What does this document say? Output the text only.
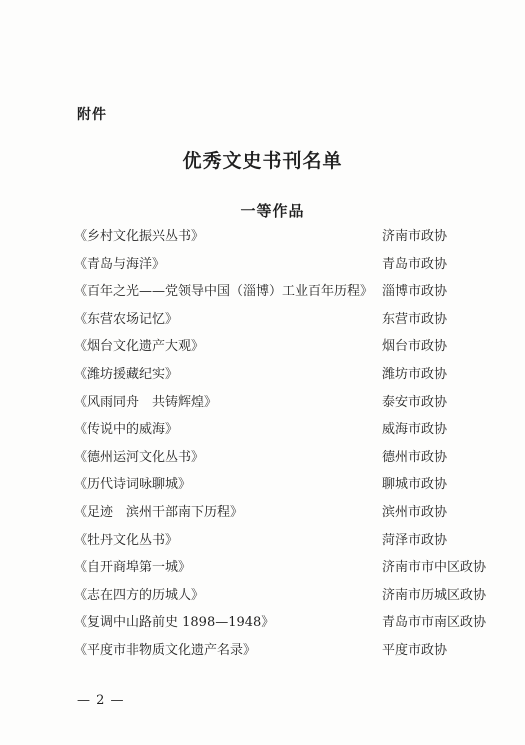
附件
优秀文史书刊名单
一等作品
《乡村文化振兴丛书》	济南市政协
《青岛与海洋》	青岛市政协
《百年之光——党领导中国（淄博）工业百年历程》 淄博市政协
《东营农场记忆》	东营市政协
《烟台文化遗产大观》	烟台市政协
《潍坊援藏纪实》	潍坊市政协
《风雨同舟　共铸辉煌》	泰安市政协
《传说中的威海》	威海市政协
《德州运河文化丛书》	德州市政协
《历代诗词咏聊城》	聊城市政协
《足迹　滨州干部南下历程》	滨州市政协
《牡丹文化丛书》	菏泽市政协
《自开商埠第一城》	济南市市中区政协
《志在四方的历城人》	济南市历城区政协
《复调中山路前史 1898—1948》	青岛市市南区政协
《平度市非物质文化遗产名录》	平度市政协
— 2 —
